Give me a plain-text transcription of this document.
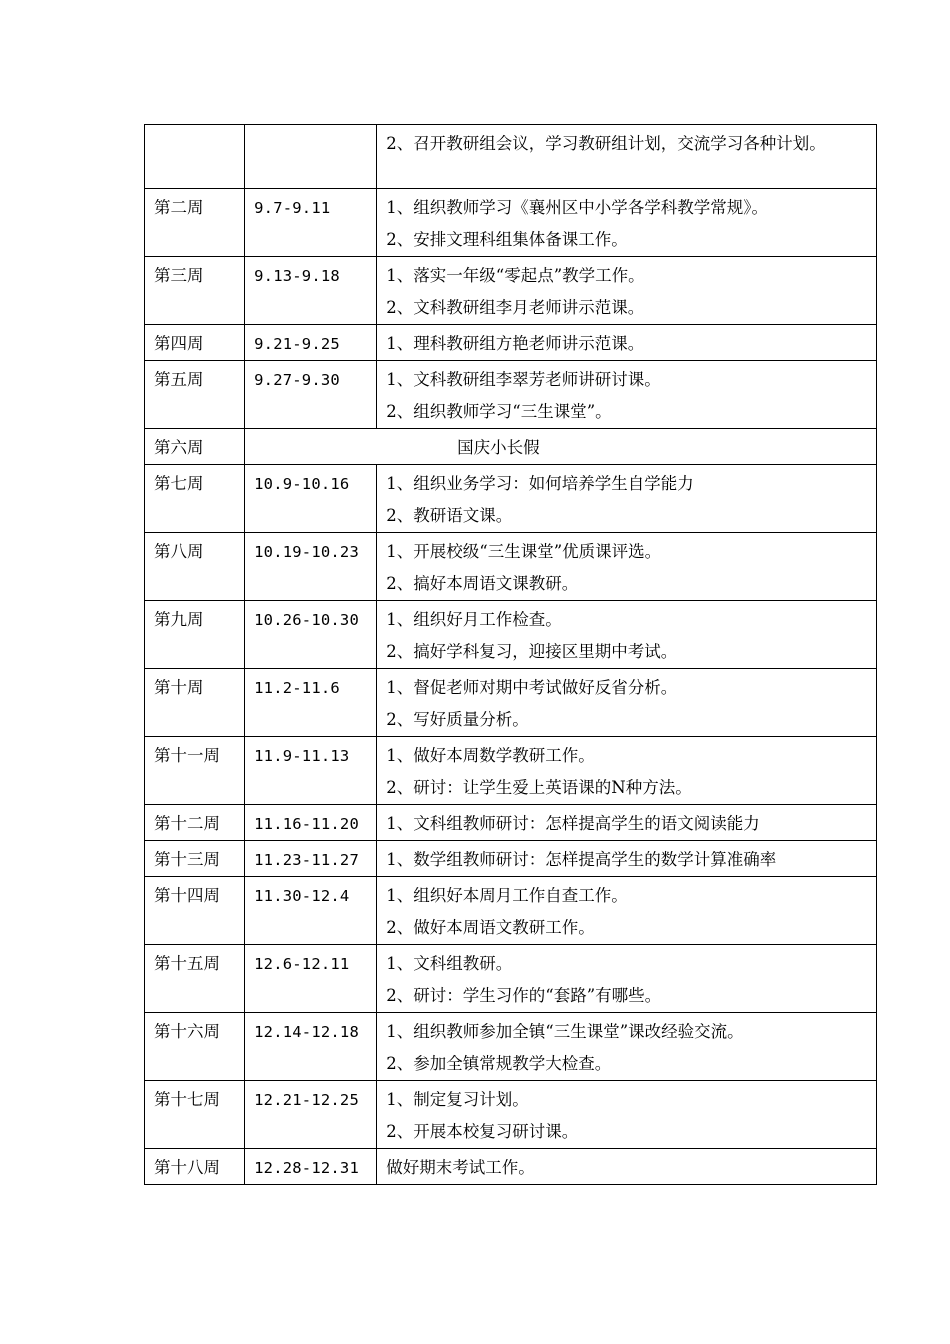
		2、召开教研组会议，学习教研组计划，交流学习各种计划。

第二周	9.7-9.11	1、组织教师学习《襄州区中小学各学科教学常规》。
2、安排文理科组集体备课工作。

第三周	9.13-9.18	1、落实一年级“零起点”教学工作。
2、文科教研组李月老师讲示范课。

第四周	9.21-9.25	1、理科教研组方艳老师讲示范课。

第五周	9.27-9.30	1、文科教研组李翠芳老师讲研讨课。
2、组织教师学习“三生课堂”。

第六周	国庆小长假	

第七周	10.9-10.16	1、组织业务学习：如何培养学生自学能力
2、教研语文课。

第八周	10.19-10.23	1、开展校级“三生课堂”优质课评选。
2、搞好本周语文课教研。

第九周	10.26-10.30	1、组织好月工作检查。
2、搞好学科复习，迎接区里期中考试。

第十周	11.2-11.6	1、督促老师对期中考试做好反省分析。
2、写好质量分析。

第十一周	11.9-11.13	1、做好本周数学教研工作。
2、研讨：让学生爱上英语课的N种方法。

第十二周	11.16-11.20	1、文科组教师研讨：怎样提高学生的语文阅读能力

第十三周	11.23-11.27	1、数学组教师研讨：怎样提高学生的数学计算准确率

第十四周	11.30-12.4	1、组织好本周月工作自查工作。
2、做好本周语文教研工作。

第十五周	12.6-12.11	1、文科组教研。
2、研讨：学生习作的“套路”有哪些。

第十六周	12.14-12.18	1、组织教师参加全镇“三生课堂”课改经验交流。
2、参加全镇常规教学大检查。

第十七周	12.21-12.25	1、制定复习计划。
2、开展本校复习研讨课。

第十八周	12.28-12.31	做好期末考试工作。
